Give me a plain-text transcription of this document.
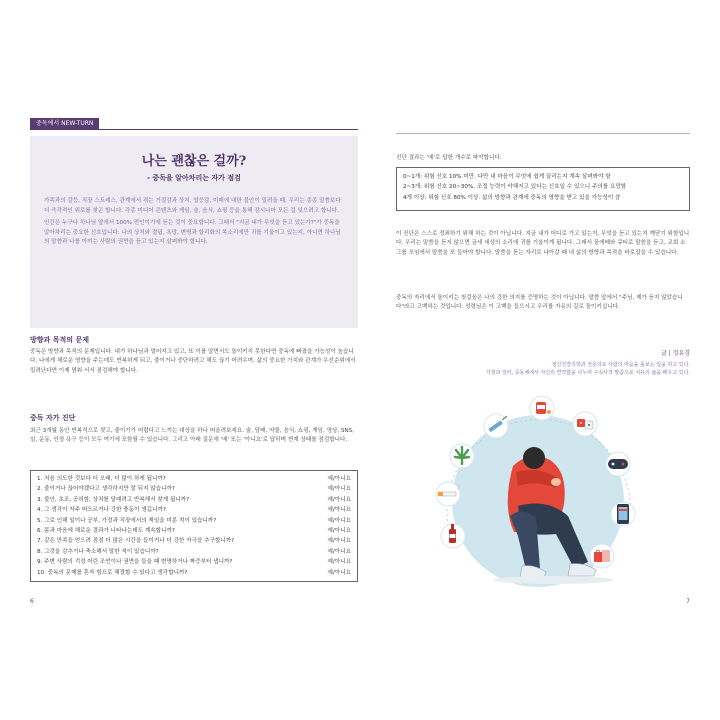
중독에서 NEW-TURN
나는 괜찮은 걸까?
- 중독을 알아차리는 자가 점검

가족과의 갈등, 직장 스트레스, 관계에서 겪는 거절감과 상처, 열등감, 미래에 대한 불안이 밀려올 때, 우리는 종종 말씀보다 더 즉각적인 위로를 찾곤 합니다. 각종 미디어 콘텐츠와 게임, 술, 음식, 쇼핑 등을 통해 잠시나마 모든 걸 잊으려고 합니다.

인간은 누구나 하나님 앞에서 100% 전인이기에 듣는 것이 중요합니다. 그래서 "지금 내가 무엇을 듣고 있는가?"가 중독을 알아차리는 중요한 신호입니다. 나의 상처와 결핍, 욕망, 변명과 합리화의 목소리에만 귀를 기울이고 있는지, 아니면 하나님의 말씀과 나를 아끼는 사람의 권면을 듣고 있는지 살펴봐야 합니다.

방향과 목적의 문제
중독은 방향과 목적의 문제입니다. 내가 하나님과 멀어지고 있고, 또 이를 알면서도 돌이키지 못한다면 중독에 빠졌을 가능성이 높습니다. 나에게 해로운 영향을 주는데도 반복하게 되고, 줄이거나 중단하려고 해도 끊기 어려우며, 삶의 중요한 가치와 관계가 우선순위에서 밀려난다면 이제 멈춰 서서 점검해야 합니다.
중독 자가 진단
최근 3개월 동안 반복적으로 찾고, 줄이기가 어렵다고 느끼는 대상을 하나 떠올려보세요. 술, 담배, 약물, 음식, 쇼핑, 게임, 영상, SNS, 일, 운동, 인정 욕구 등이 모두 여기에 포함될 수 있습니다. 그리고 아래 질문에 '예' 또는 '아니요'로 답하며 현재 상태를 점검합니다.
1. 처음 의도한 것보다 더 오래, 더 많이 하게 됩니까?	예/아니요
2. 줄이거나 끊어야겠다고 생각하지만 잘 되지 않습니까?	예/아니요
3. 불안, 초조, 공허함, 상처를 달래려고 반복해서 찾게 됩니까?	예/아니요
4. 그 생각이 자주 떠오르거나 강한 충동이 생깁니까?	예/아니요
5. 그로 인해 일이나 공부, 가정과 직장에서의 책임을 미룬 적이 있습니까?	예/아니요
6. 몸과 마음에 해로운 결과가 나타나는데도 계속합니까?	예/아니요
7. 같은 만족을 얻으려 점점 더 많은 시간을 들이거나 더 강한 자극을 추구합니까?	예/아니요
8. 그것을 감추거나 축소해서 말한 적이 있습니까?	예/아니요
9. 주변 사람의 걱정 어린 조언이나 권면을 들을 때 변명하거나 짜증부터 냅니까?	예/아니요
10. 중독의 문제를 혼자 힘으로 해결할 수 있다고 생각합니까?	예/아니요
6
진단 결과는 '예'로 답한 개수로 파악합니다.
0~1개: 위험 신호 10% 미만. 다만 내 마음이 무엇에 쉽게 끌리는지 계속 살펴봐야 함
2~3개: 위험 신호 20~30%. 조절 능력이 약해지고 있다는 신호일 수 있으니 주의를 요망함
4개 이상: 위험 신호 80% 이상. 삶의 방향과 관계에 중독의 영향을 받고 있을 가능성이 큼
이 진단은 스스로 정죄하기 위해 하는 것이 아닙니다. 지금 내가 어디로 가고 있는지, 무엇을 듣고 있는지 깨닫기 위함입니다. 우리는 말씀을 듣지 않으면 금세 세상의 소리에 귀를 기울이게 됩니다. 그래서 꿈에배와 큐티로 말씀을 듣고, 교회 소그룹 모임에서 말씀을 또 들어야 합니다. 말씀을 듣는 자리로 나아갈 때 내 삶의 방향과 목적을 바로잡을 수 있습니다.
중독의 자리에서 돌이키는 첫걸음은 나의 강한 의지를 증명하는 것이 아닙니다. 말씀 앞에서 "주님, 제가 듣지 않았습니다"라고 고백하는 것입니다. 성령님은 이 고백을 들으시고 우리를 자유의 길로 돌이키십니다.
글 | 정유경
정신건강의학과 전문의로 사람의 마음을 돌보는 일을 하고 있다.
가정과 일터, 공동체에서 자신의 연약함을 나누며 구속사적 말씀으로 치유의 삶을 배우고 있다.
7
